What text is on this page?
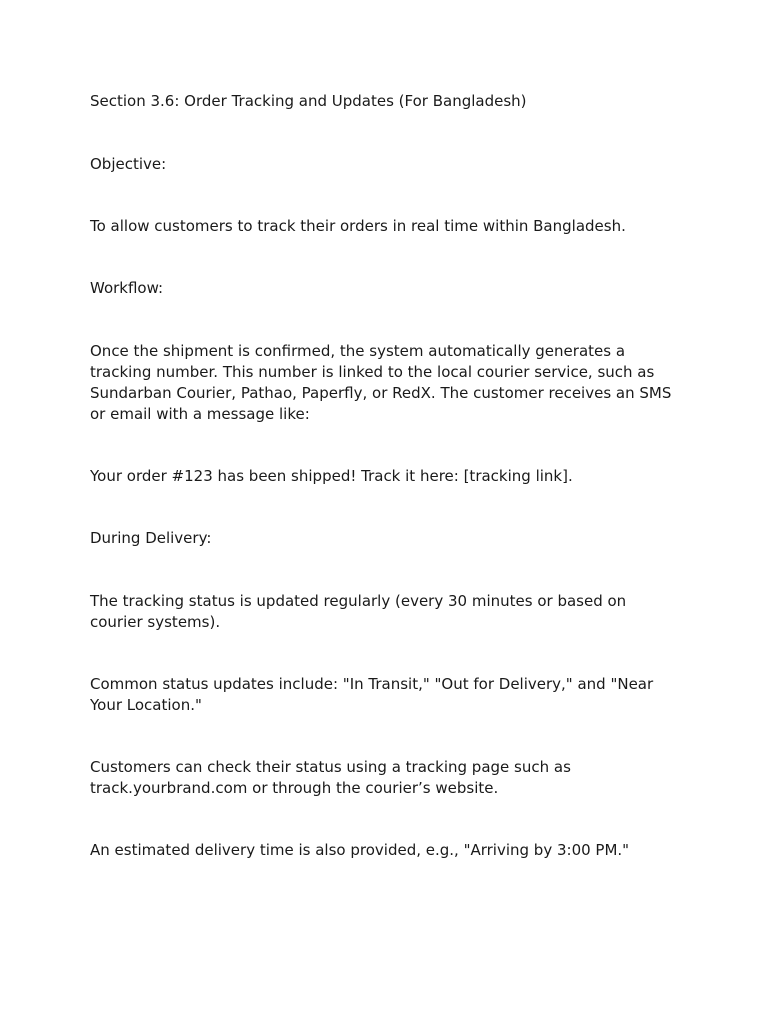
Section 3.6: Order Tracking and Updates (For Bangladesh)

Objective:

To allow customers to track their orders in real time within Bangladesh.

Workflow:

Once the shipment is confirmed, the system automatically generates a tracking number. This number is linked to the local courier service, such as Sundarban Courier, Pathao, Paperfly, or RedX. The customer receives an SMS or email with a message like:

Your order #123 has been shipped! Track it here: [tracking link].

During Delivery:

The tracking status is updated regularly (every 30 minutes or based on courier systems).

Common status updates include: "In Transit," "Out for Delivery," and "Near Your Location."

Customers can check their status using a tracking page such as track.yourbrand.com or through the courier’s website.

An estimated delivery time is also provided, e.g., "Arriving by 3:00 PM."
